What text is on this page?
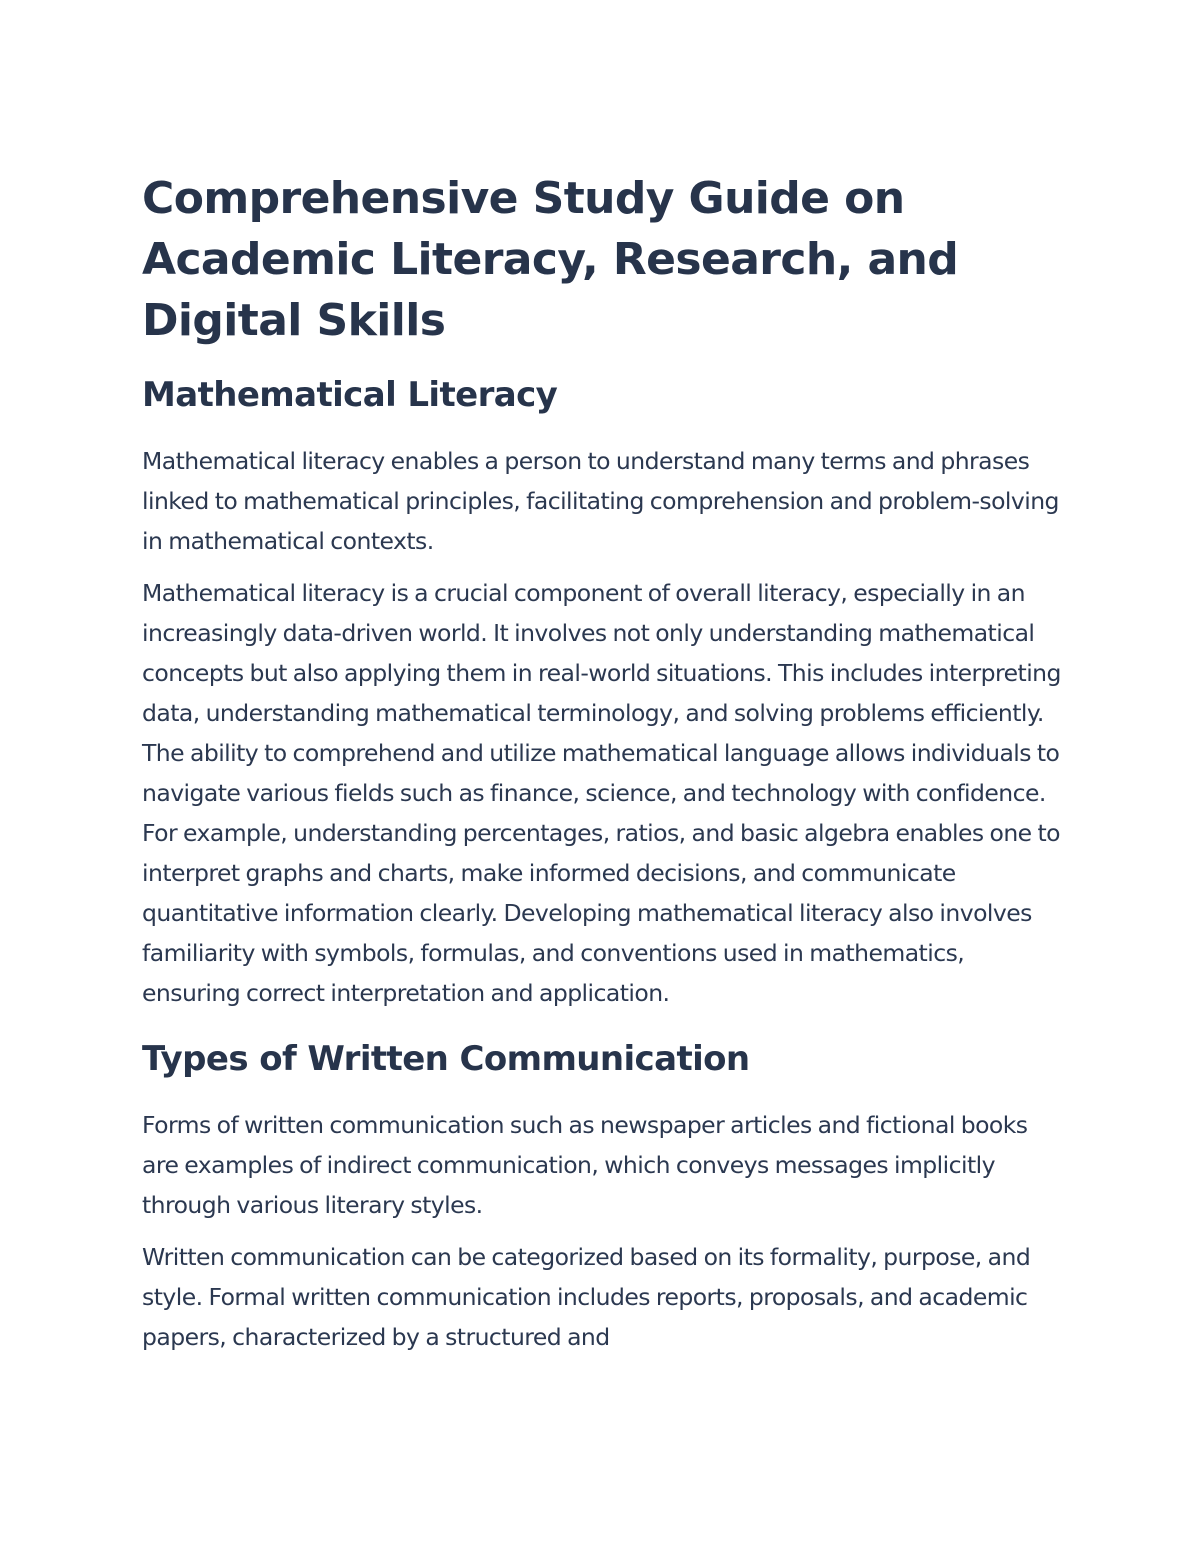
Comprehensive Study Guide on Academic Literacy, Research, and Digital Skills
Mathematical Literacy

Mathematical literacy enables a person to understand many terms and phrases linked to mathematical principles, facilitating comprehension and problem-solving in mathematical contexts.

Mathematical literacy is a crucial component of overall literacy, especially in an increasingly data-driven world. It involves not only understanding mathematical concepts but also applying them in real-world situations. This includes interpreting data, understanding mathematical terminology, and solving problems efficiently. The ability to comprehend and utilize mathematical language allows individuals to navigate various fields such as finance, science, and technology with confidence. For example, understanding percentages, ratios, and basic algebra enables one to interpret graphs and charts, make informed decisions, and communicate quantitative information clearly. Developing mathematical literacy also involves familiarity with symbols, formulas, and conventions used in mathematics, ensuring correct interpretation and application.

Types of Written Communication

Forms of written communication such as newspaper articles and fictional books are examples of indirect communication, which conveys messages implicitly through various literary styles.

Written communication can be categorized based on its formality, purpose, and style. Formal written communication includes reports, proposals, and academic papers, characterized by a structured and
